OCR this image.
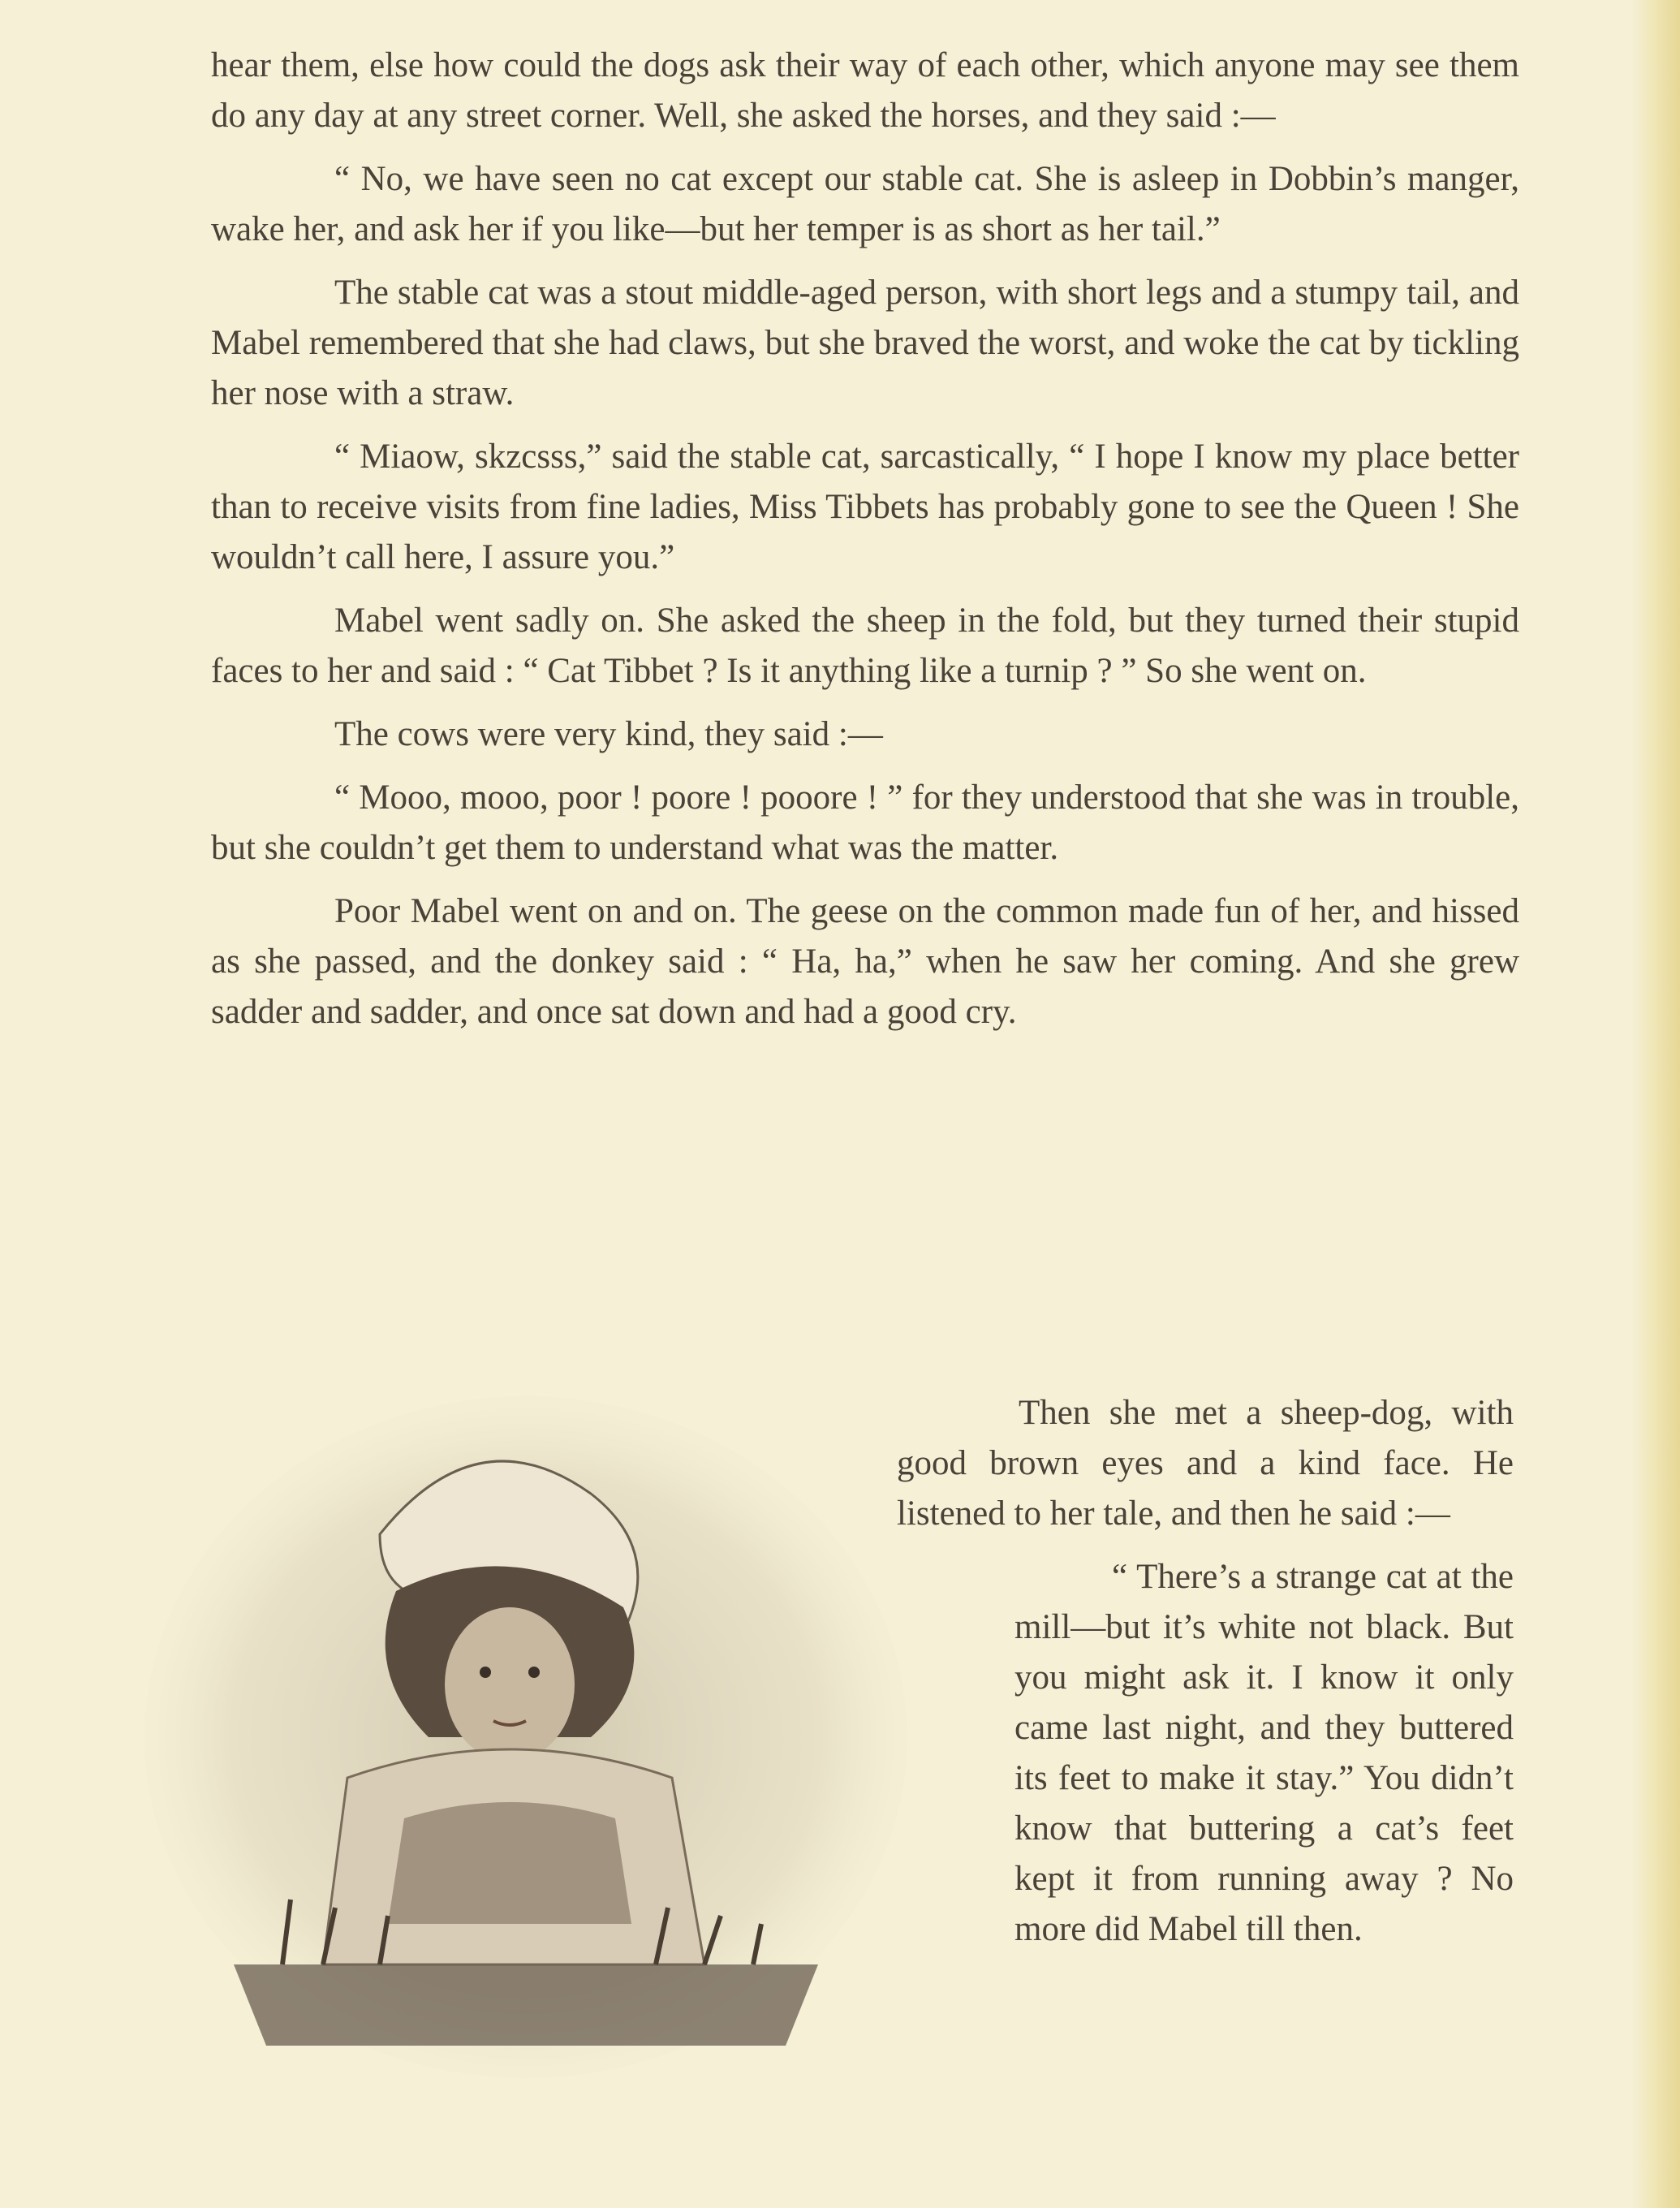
hear them, else how could the dogs ask their way of each other, which anyone may see them do any day at any street corner. Well, she asked the horses, and they said :—

“ No, we have seen no cat except our stable cat. She is asleep in Dobbin’s manger, wake her, and ask her if you like—but her temper is as short as her tail.”

The stable cat was a stout middle-aged person, with short legs and a stumpy tail, and Mabel remembered that she had claws, but she braved the worst, and woke the cat by tickling her nose with a straw.

“ Miaow, skzcsss,” said the stable cat, sarcastically, “ I hope I know my place better than to receive visits from fine ladies, Miss Tibbets has probably gone to see the Queen ! She wouldn’t call here, I assure you.”

Mabel went sadly on. She asked the sheep in the fold, but they turned their stupid faces to her and said : “ Cat Tibbet ? Is it anything like a turnip ? ” So she went on.

The cows were very kind, they said :—

“ Mooo, mooo, poor ! poore ! pooore ! ” for they understood that she was in trouble, but she couldn’t get them to understand what was the matter.

Poor Mabel went on and on. The geese on the common made fun of her, and hissed as she passed, and the donkey said : “ Ha, ha,” when he saw her coming. And she grew sadder and sadder, and once sat down and had a good cry.

Then she met a sheep-dog, with good brown eyes and a kind face. He listened to her tale, and then he said :—

“ There’s a strange cat at the mill—but it’s white not black. But you might ask it. I know it only came last night, and they buttered its feet to make it stay.” You didn’t know that buttering a cat’s feet kept it from running away ? No more did Mabel till then.
